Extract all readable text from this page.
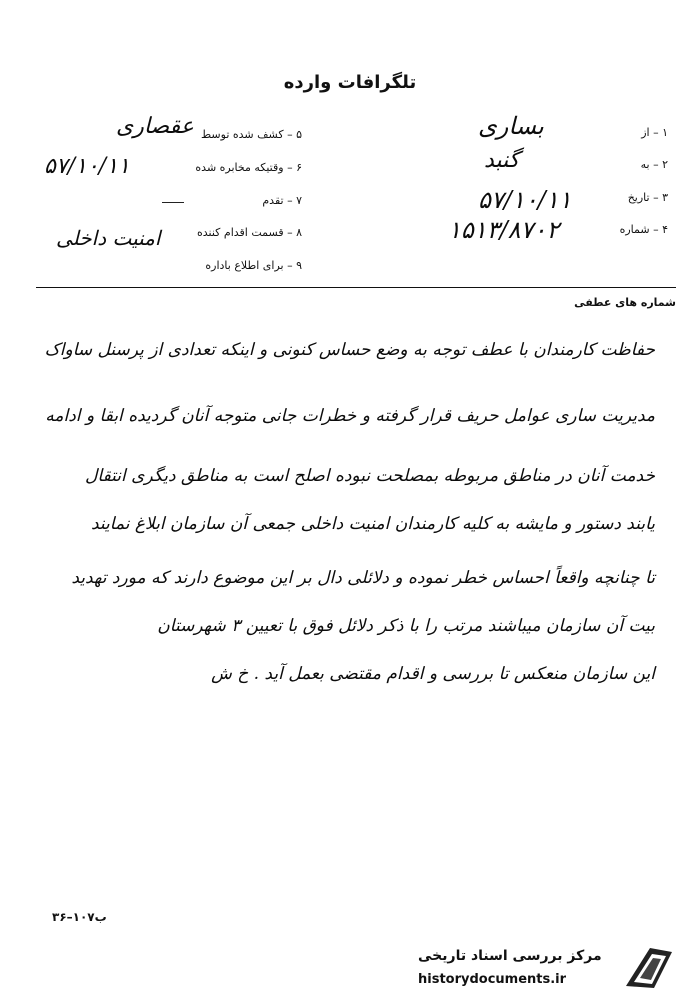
تلگرافات وارده
۱ – از
بساری
۲ – به
گنبد
۳ – تاریخ
۵۷/۱۰/۱۱
۴ – شماره
۱۵۱۳/۸۷۰۲
۵ – کشف شده توسط
عقصاری
۶ – وقتیکه مخابره شده
۵۷/۱۰/۱۱
۷ – تقدم
۸ – قسمت اقدام کننده
امنیت داخلی
۹ – برای اطلاع باداره
شماره های عطفی
حفاظت کارمندان با عطف توجه به وضع حساس کنونی و اینکه تعدادی از پرسنل ساواک
مدیریت ساری عوامل حریف قرار گرفته و خطرات جانی متوجه آنان گردیده ابقا و ادامه
خدمت آنان در مناطق مربوطه بمصلحت نبوده اصلح است به مناطق دیگری انتقال
یابند دستور و مایشه به کلیه کارمندان امنیت داخلی جمعی آن سازمان ابلاغ نمایند
تا چنانچه واقعاً احساس خطر نموده و دلائلی دال بر این موضوع دارند که مورد تهدید
بیت آن سازمان میباشند مرتب را با ذکر دلائل فوق با تعیین ۳ شهرستان
این سازمان منعکس تا بررسی و اقدام مقتضی بعمل آید . خ ش
۳۶–۱۰۷ب
مرکز بررسی اسناد تاریخی
historydocuments.ir
